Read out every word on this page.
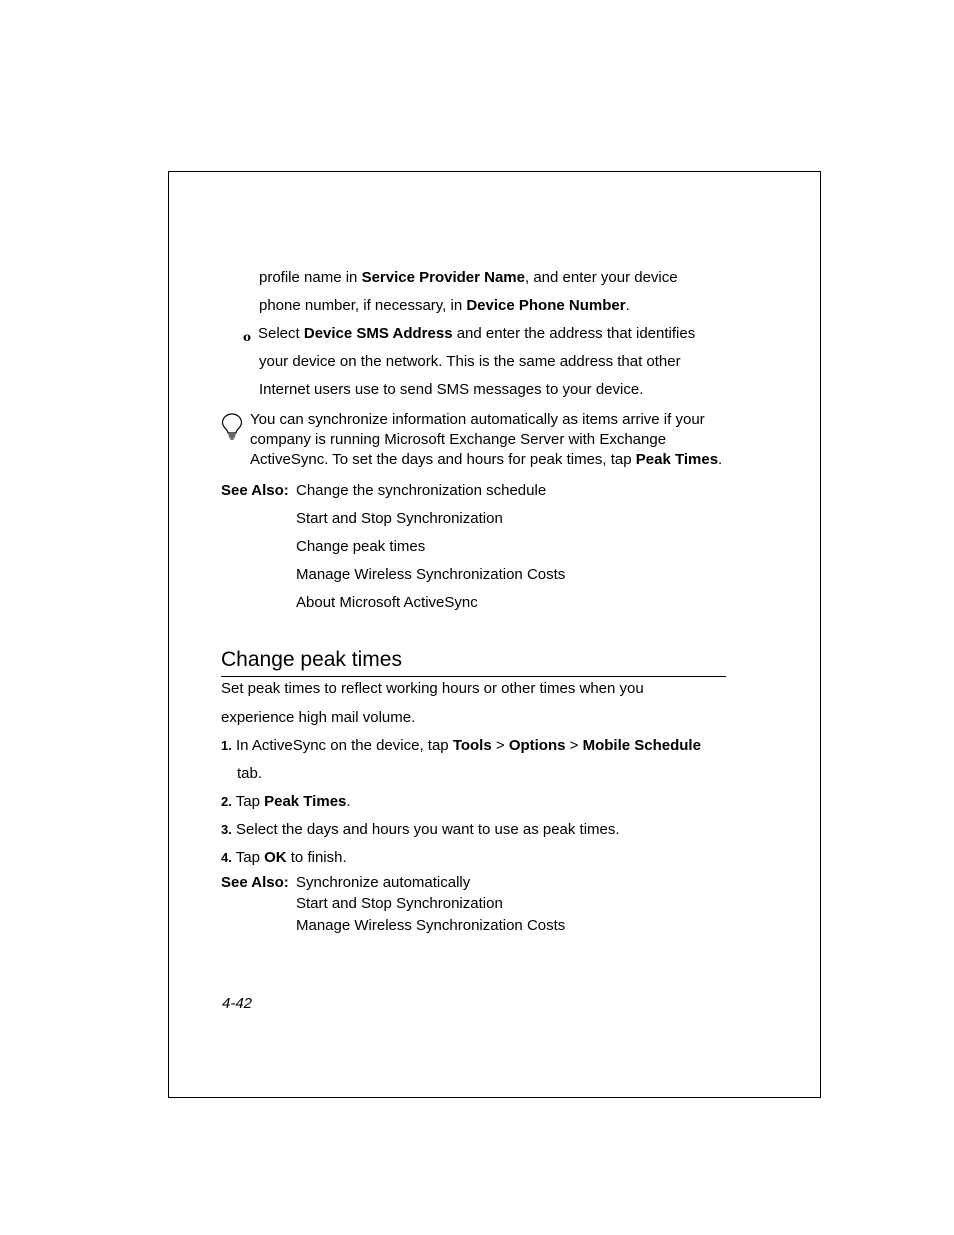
profile name in Service Provider Name, and enter your device
phone number, if necessary, in Device Phone Number.
o Select Device SMS Address and enter the address that identifies
your device on the network. This is the same address that other
Internet users use to send SMS messages to your device.
You can synchronize information automatically as items arrive if your
company is running Microsoft Exchange Server with Exchange
ActiveSync. To set the days and hours for peak times, tap Peak Times.
See Also: Change the synchronization schedule
Start and Stop Synchronization
Change peak times
Manage Wireless Synchronization Costs
About Microsoft ActiveSync
Change peak times
Set peak times to reflect working hours or other times when you
experience high mail volume.
1. In ActiveSync on the device, tap Tools > Options > Mobile Schedule
tab.
2. Tap Peak Times.
3. Select the days and hours you want to use as peak times.
4. Tap OK to finish.
See Also: Synchronize automatically
Start and Stop Synchronization
Manage Wireless Synchronization Costs
4-42
